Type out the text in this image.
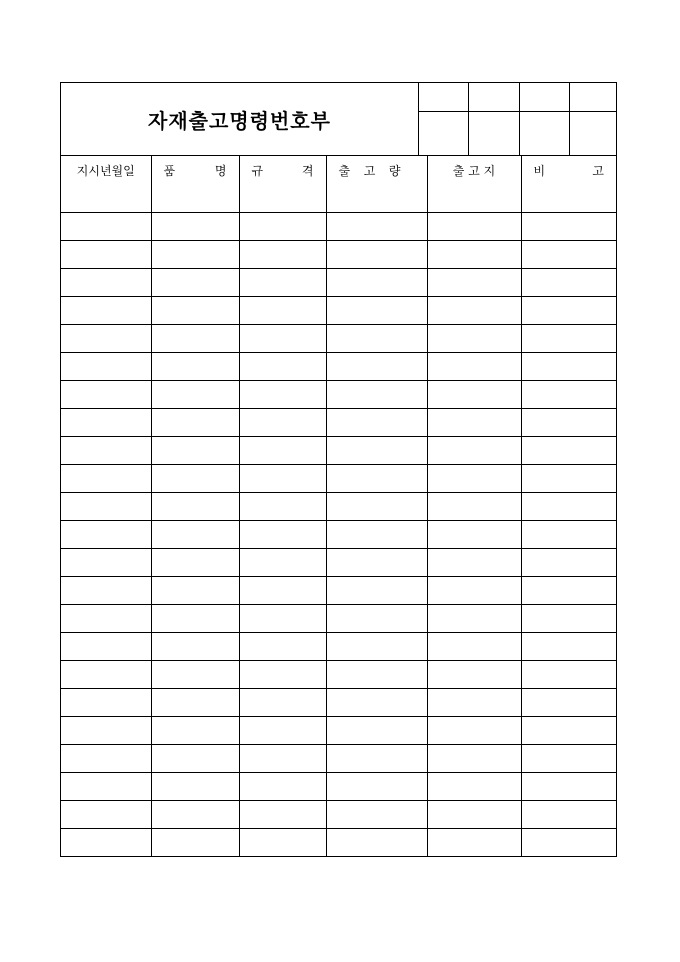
자재출고명령번호부
지시년월일	품 명	규 격	출 고 량	출 고 지	비 고
